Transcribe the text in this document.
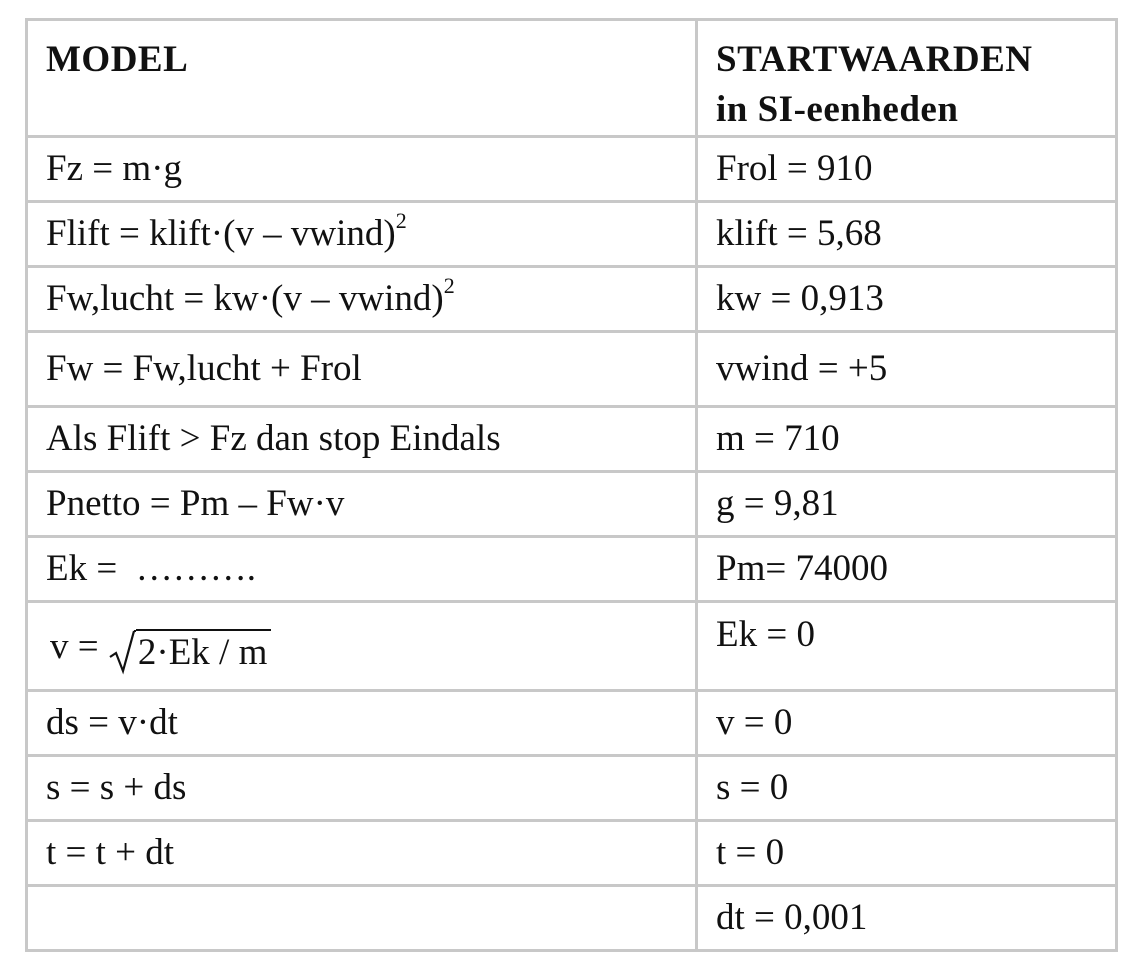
MODEL	STARTWAARDEN
in SI-eenheden

Fz = m·g	Frol = 910
Flift = klift·(v – vwind)$^2$	klift = 5,68
Fw,lucht = kw·(v – vwind)$^2$	kw = 0,913
Fw = Fw,lucht + Frol	vwind = +5
Als Flift > Fz dan stop Eindals	m = 710
Pnetto = Pm – Fw·v	g = 9,81
Ek =  ……….	Pm= 74000

v = 2·Ek / m	Ek = 0
ds = v·dt	v = 0
s = s + ds	s = 0
t = t + dt	t = 0
	dt = 0,001
